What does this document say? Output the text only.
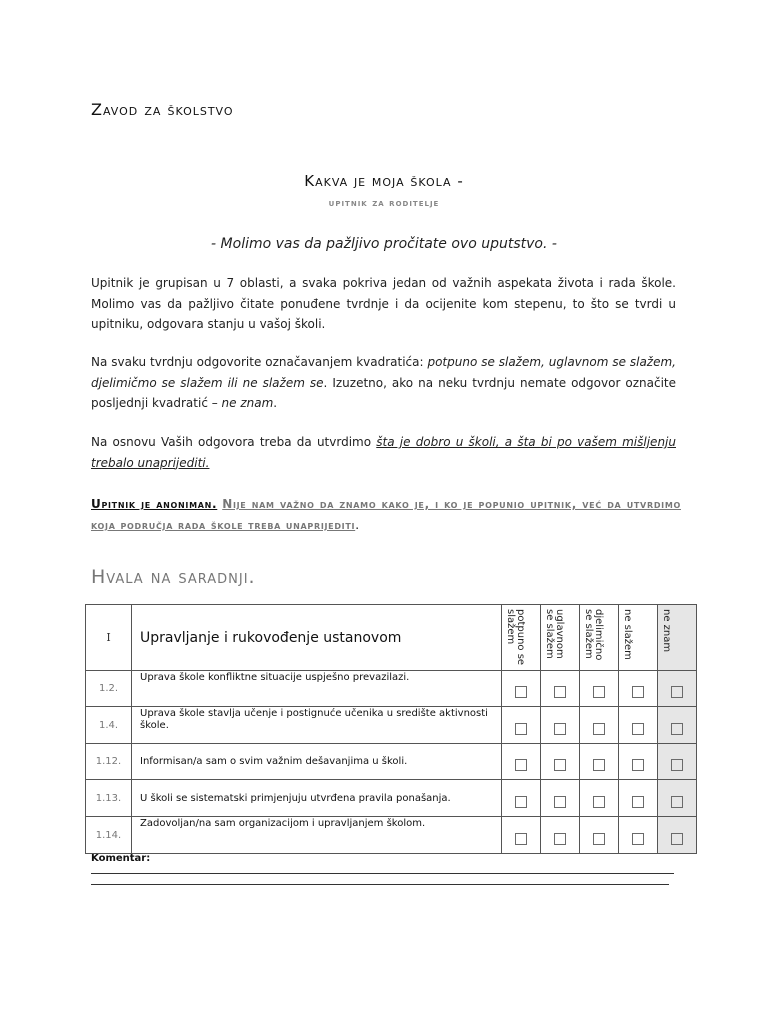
Zavod za školstvo
Kakva je moja škola -
upitnik za roditelje
- Molimo vas da pažljivo pročitate ovo uputstvo. -
Upitnik je grupisan u 7 oblasti, a svaka pokriva jedan od važnih aspekata života i rada škole. Molimo vas da pažljivo čitate ponuđene tvrdnje i da ocijenite kom stepenu, to što se tvrdi u upitniku, odgovara stanju u vašoj školi.
Na svaku tvrdnju odgovorite označavanjem kvadratića: potpuno se slažem, uglavnom se slažem, djelimičmo se slažem ili ne slažem se. Izuzetno, ako na neku tvrdnju nemate odgovor označite posljednji kvadratić – ne znam.
Na osnovu Vaših odgovora treba da utvrdimo šta je dobro u školi, a šta bi po vašem mišljenju trebalo unaprijediti.
Upitnik je anoniman. Nije nam važno da znamo kako je, i ko je popunio upitnik, već da utvrdimo koja područja rada škole treba unaprijediti.
Hvala na saradnji.
I	Upravljanje i rukovođenje ustanovom	potpuno se slažem	uglavnom se slažem	djelimično se slažem	ne slažem	ne znam

1.2.	Uprava škole konfliktne situacije uspješno prevazilazi.					
1.4.	Uprava škole stavlja učenje i postignuće učenika u središte aktivnosti škole.					
1.12.	Informisan/a sam o svim važnim dešavanjima u školi.					
1.13.	U školi se sistematski primjenjuju utvrđena pravila ponašanja.					
1.14.	Zadovoljan/na sam organizacijom i upravljanjem školom.					
Komentar:
